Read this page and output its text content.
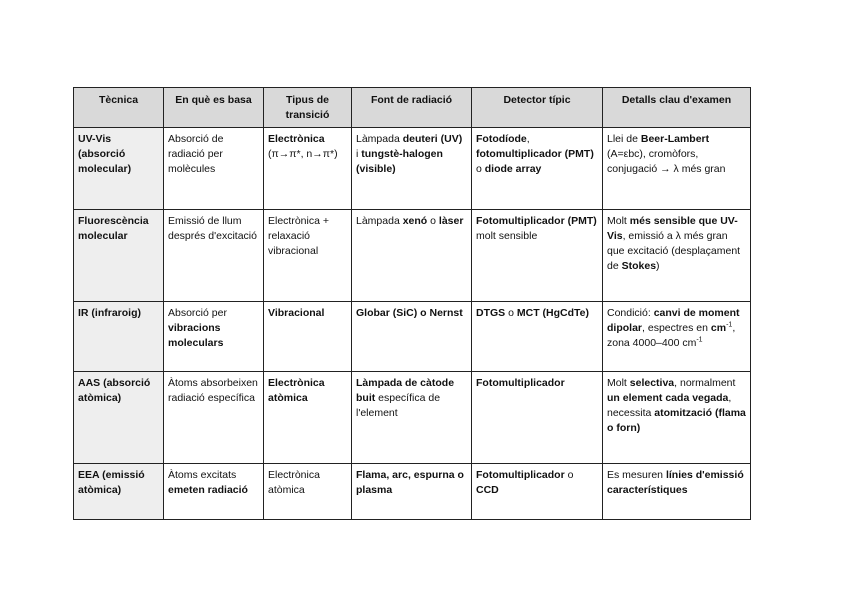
Tècnica	En què es basa	Tipus de transició	Font de radiació	Detector típic	Detalls clau d'examen
UV-Vis (absorció molecular)	Absorció de radiació per molècules	Electrònica (π→π*, n→π*)	Làmpada deuteri (UV) i tungstè-halogen (visible)	Fotodíode, fotomultiplicador (PMT) o diode array	Llei de Beer-Lambert (A=εbc), cromòfors, conjugació → λ més gran
Fluorescència molecular	Emissió de llum després d'excitació	Electrònica + relaxació vibracional	Làmpada xenó o làser	Fotomultiplicador (PMT) molt sensible	Molt més sensible que UV-Vis, emissió a λ més gran que excitació (desplaçament de Stokes)
IR (infraroig)	Absorció per vibracions moleculars	Vibracional	Globar (SiC) o Nernst	DTGS o MCT (HgCdTe)	Condició: canvi de moment dipolar, espectres en $cm^{-1}$, zona 4000–400 $cm^{-1}$
AAS (absorció atòmica)	Àtoms absorbeixen radiació específica	Electrònica atòmica	Làmpada de càtode buit específica de l'element	Fotomultiplicador	Molt selectiva, normalment un element cada vegada, necessita atomització (flama o forn)
EEA (emissió atòmica)	Àtoms excitats emeten radiació	Electrònica atòmica	Flama, arc, espurna o plasma	Fotomultiplicador o CCD	Es mesuren línies d'emissió característiques
